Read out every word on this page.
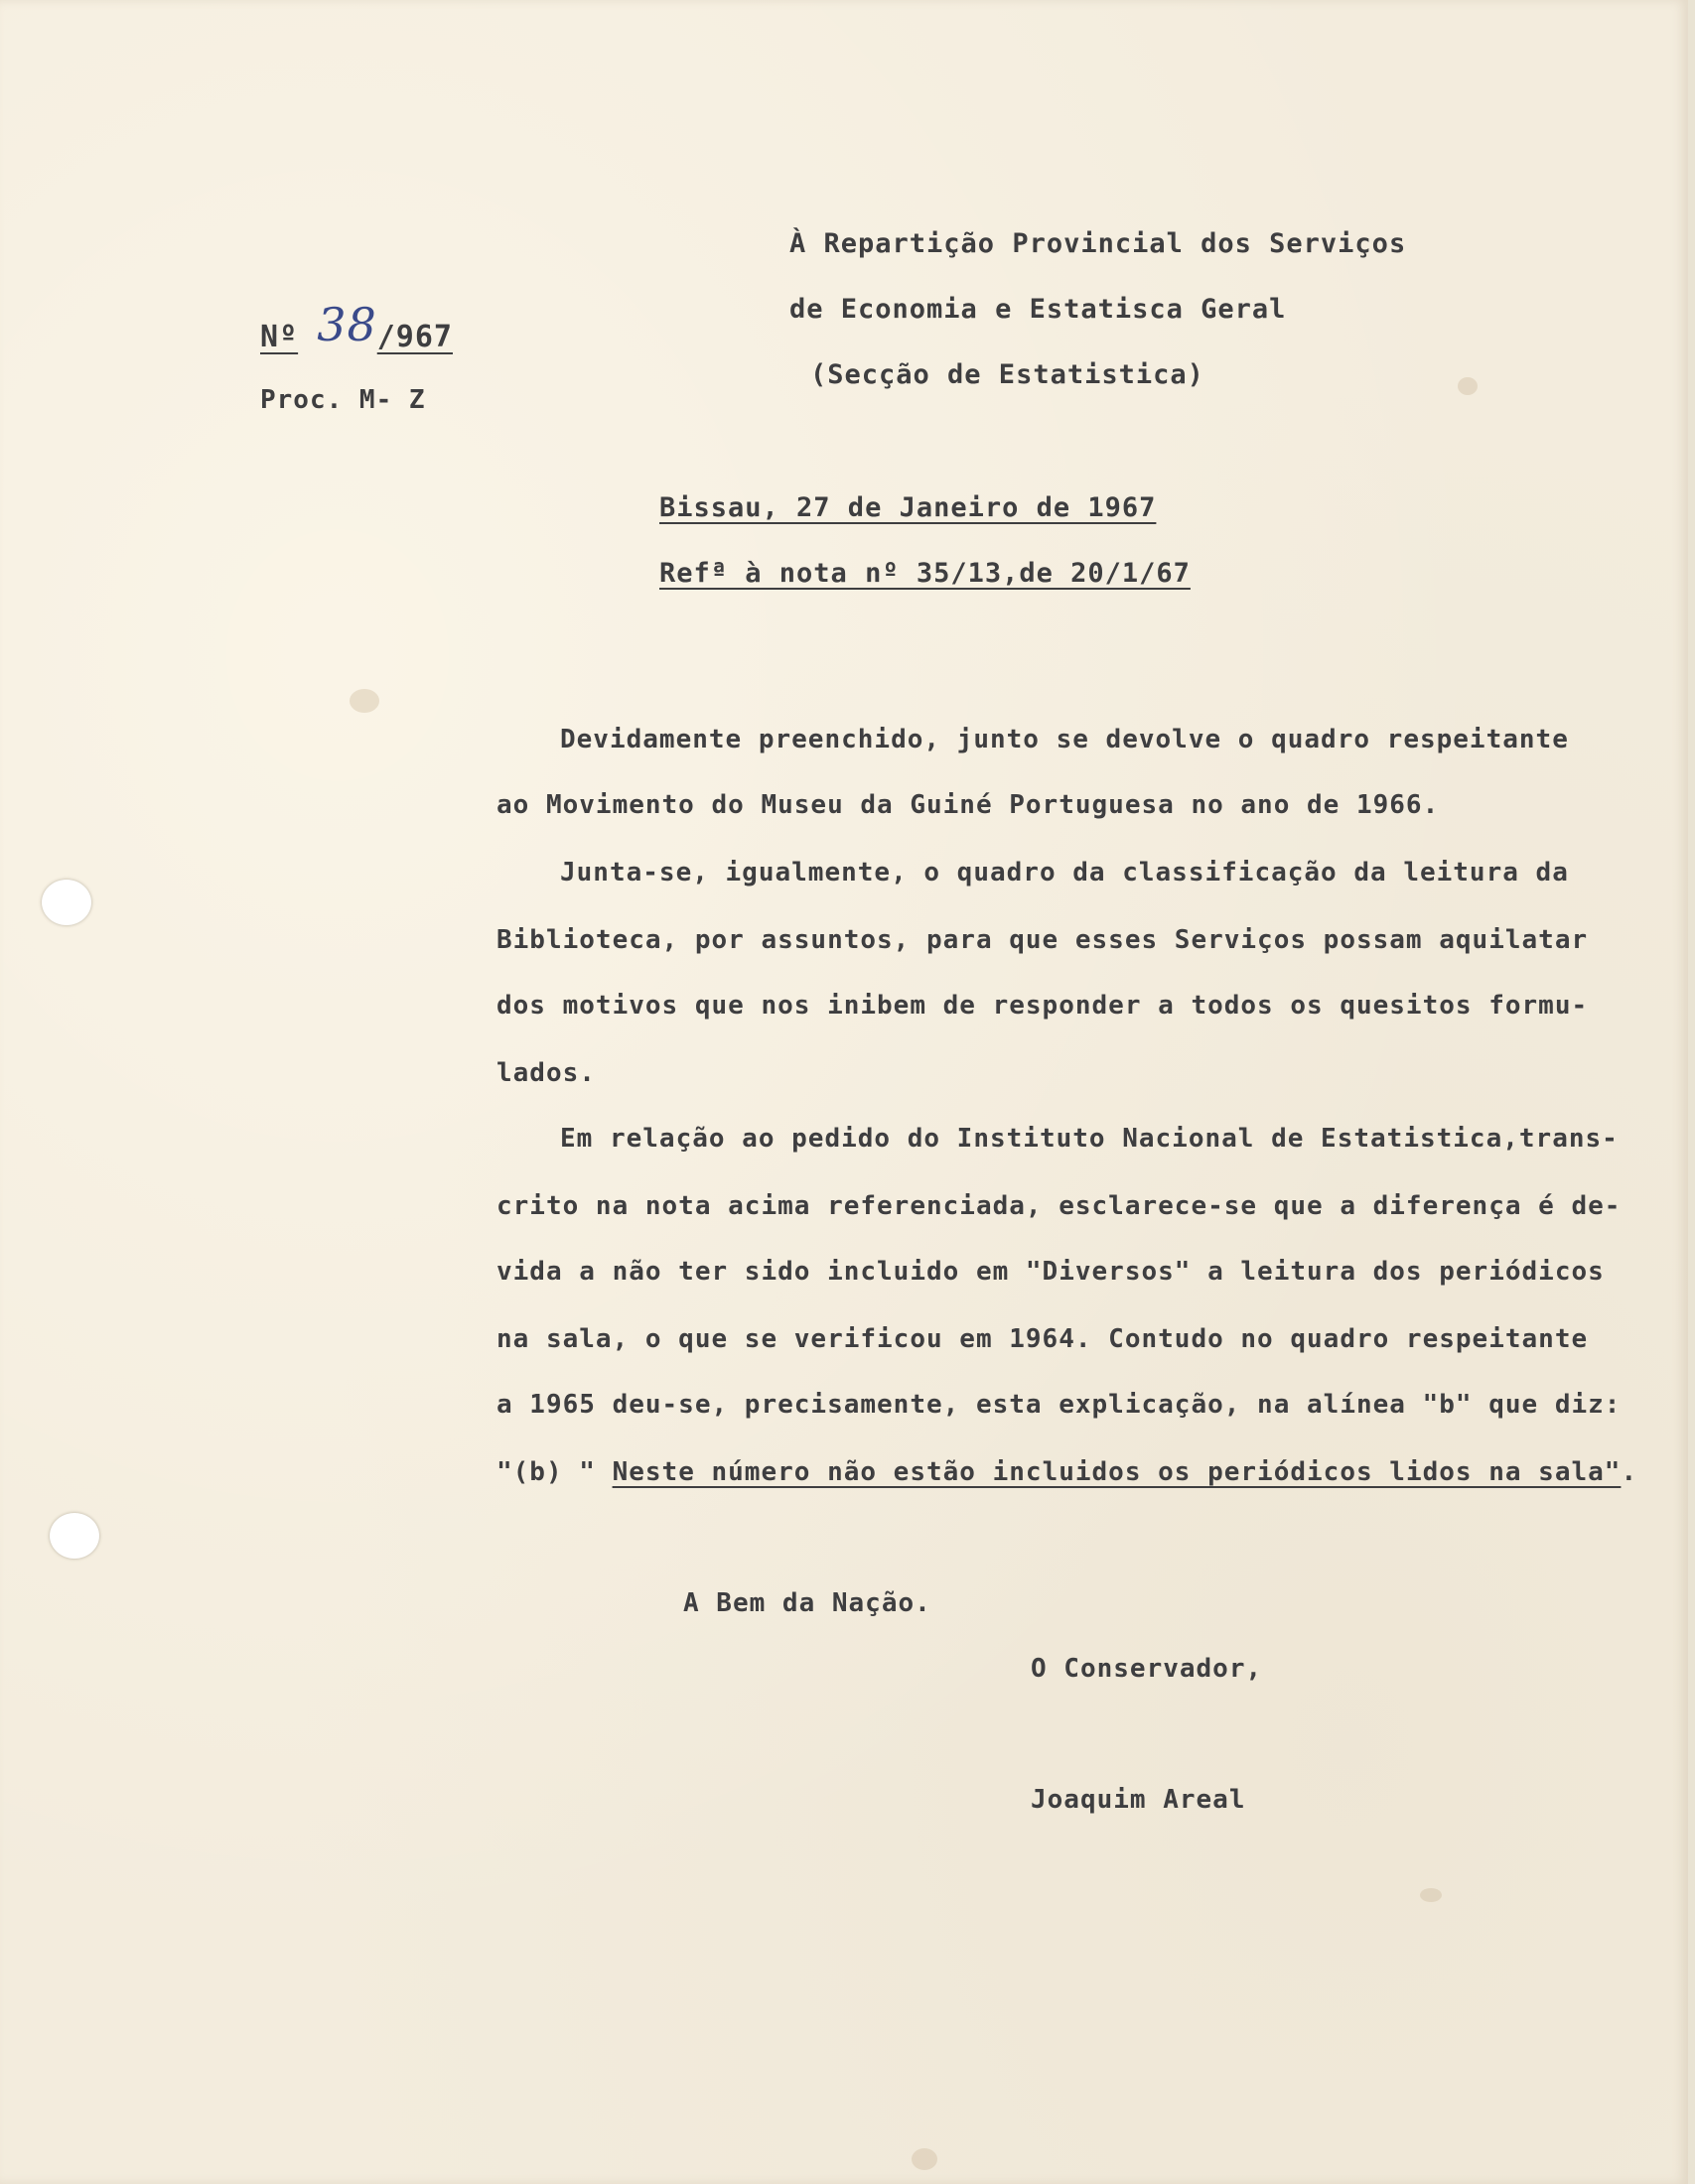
Nº 38/967
Proc. M- Z
À Repartição Provincial dos Serviços
de Economia e Estatisca Geral
(Secção de Estatistica)
Bissau, 27 de Janeiro de 1967
Refª à nota nº 35/13,de 20/1/67
Devidamente preenchido, junto se devolve o quadro respeitante
ao Movimento do Museu da Guiné Portuguesa no ano de 1966.
Junta-se, igualmente, o quadro da classificação da leitura da
Biblioteca, por assuntos, para que esses Serviços possam aquilatar
dos motivos que nos inibem de responder a todos os quesitos formu-
lados.
Em relação ao pedido do Instituto Nacional de Estatistica,trans-
crito na nota acima referenciada, esclarece-se que a diferença é de-
vida a não ter sido incluido em "Diversos" a leitura dos periódicos
na sala, o que se verificou em 1964. Contudo no quadro respeitante
a 1965 deu-se, precisamente, esta explicação, na alínea "b" que diz:
"(b) " Neste número não estão incluidos os periódicos lidos na sala".
A Bem da Nação.
O Conservador,
Joaquim Areal
